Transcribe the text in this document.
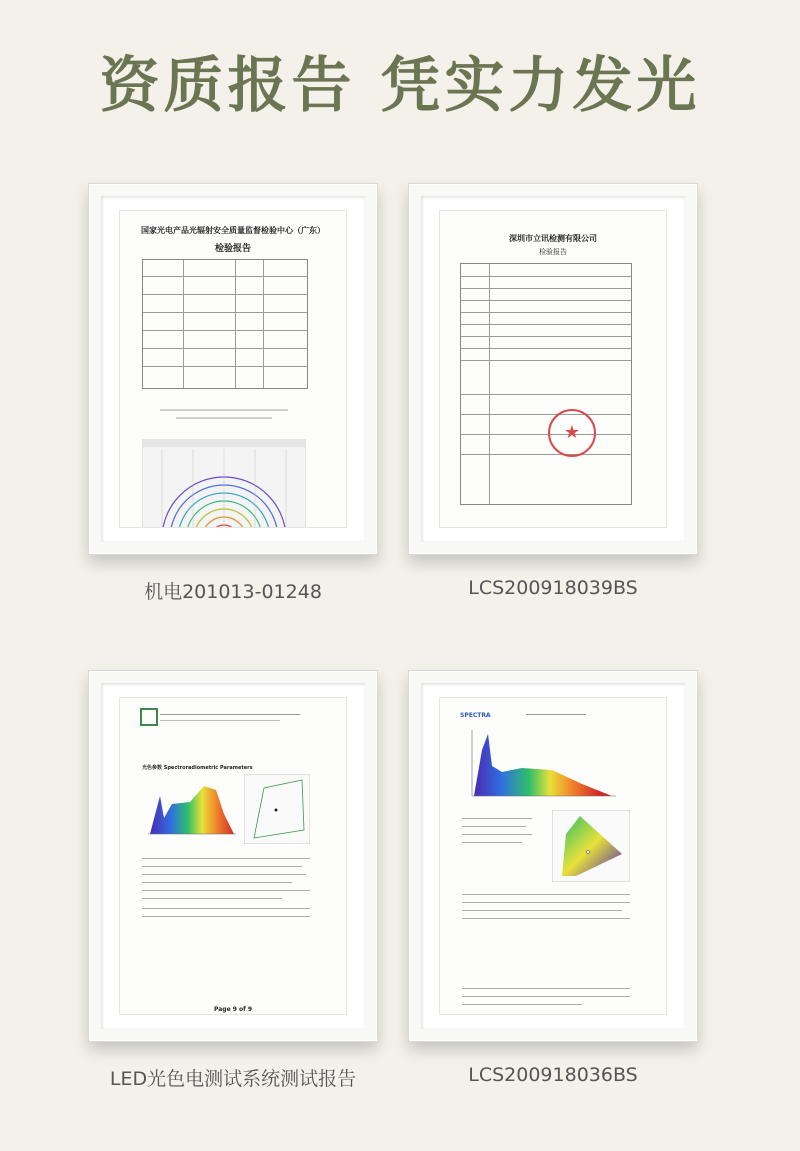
资质报告 凭实力发光
国家光电产品光辐射安全质量监督检验中心（广东）
检验报告
机电201013-01248
深圳市立讯检测有限公司
检验报告
★
LCS200918039BS
光色参数 Spectroradiometric Parameters
Page 9 of 9
LED光色电测试系统测试报告
SPECTRA
LCS200918036BS
